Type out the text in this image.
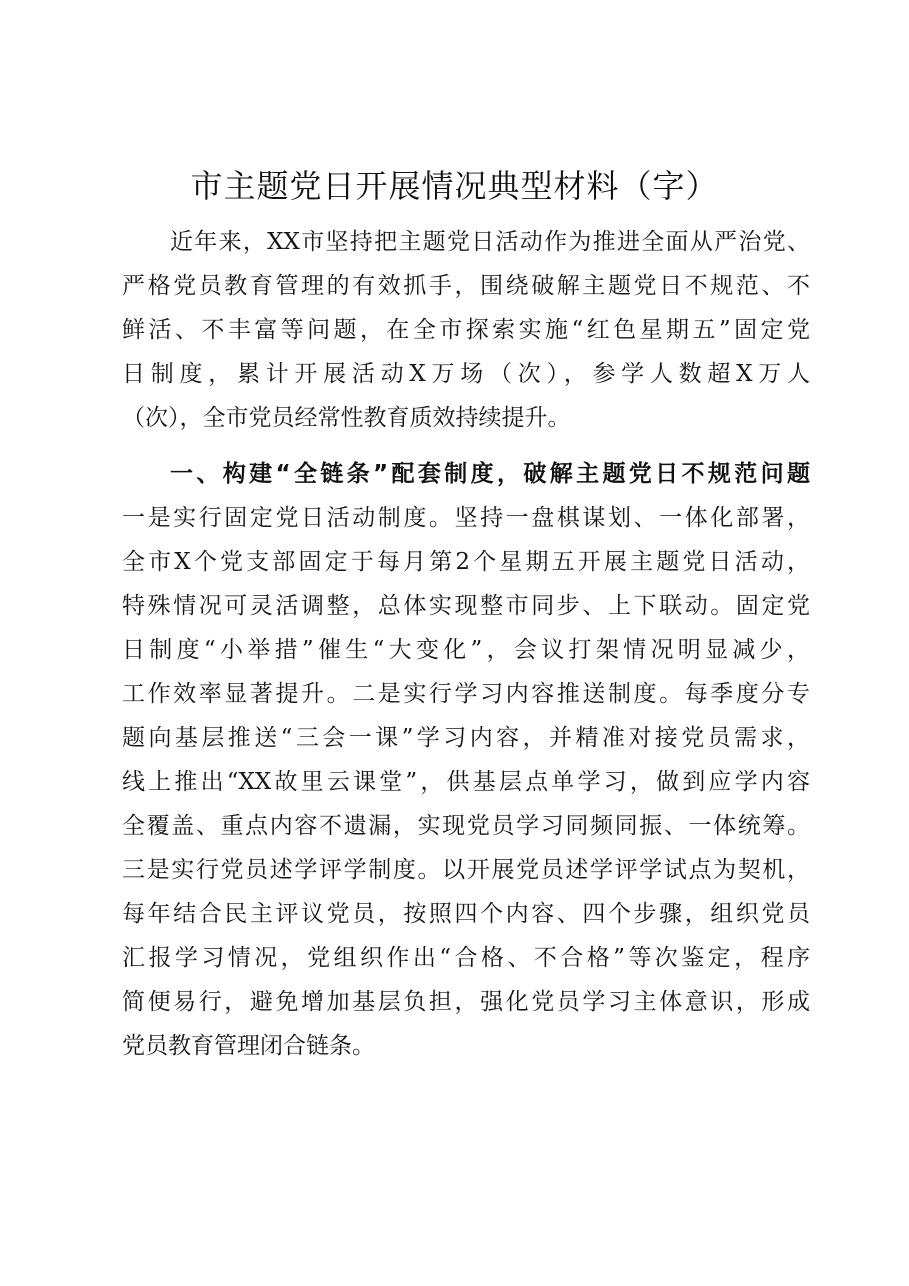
市主题党日开展情况典型材料（字）
近年来，XX市坚持把主题党日活动作为推进全面从严治党、
严格党员教育管理的有效抓手，围绕破解主题党日不规范、不
鲜活、不丰富等问题，在全市探索实施“红色星期五”固定党
日制度，累计开展活动X万场（次），参学人数超X万人
（次），全市党员经常性教育质效持续提升。
一、构建“全链条”配套制度，破解主题党日不规范问题
一是实行固定党日活动制度。坚持一盘棋谋划、一体化部署，
全市X个党支部固定于每月第2个星期五开展主题党日活动，
特殊情况可灵活调整，总体实现整市同步、上下联动。固定党
日制度“小举措”催生“大变化”，会议打架情况明显减少，
工作效率显著提升。二是实行学习内容推送制度。每季度分专
题向基层推送“三会一课”学习内容，并精准对接党员需求，
线上推出“XX故里云课堂”，供基层点单学习，做到应学内容
全覆盖、重点内容不遗漏，实现党员学习同频同振、一体统筹。
三是实行党员述学评学制度。以开展党员述学评学试点为契机，
每年结合民主评议党员，按照四个内容、四个步骤，组织党员
汇报学习情况，党组织作出“合格、不合格”等次鉴定，程序
简便易行，避免增加基层负担，强化党员学习主体意识，形成
党员教育管理闭合链条。
